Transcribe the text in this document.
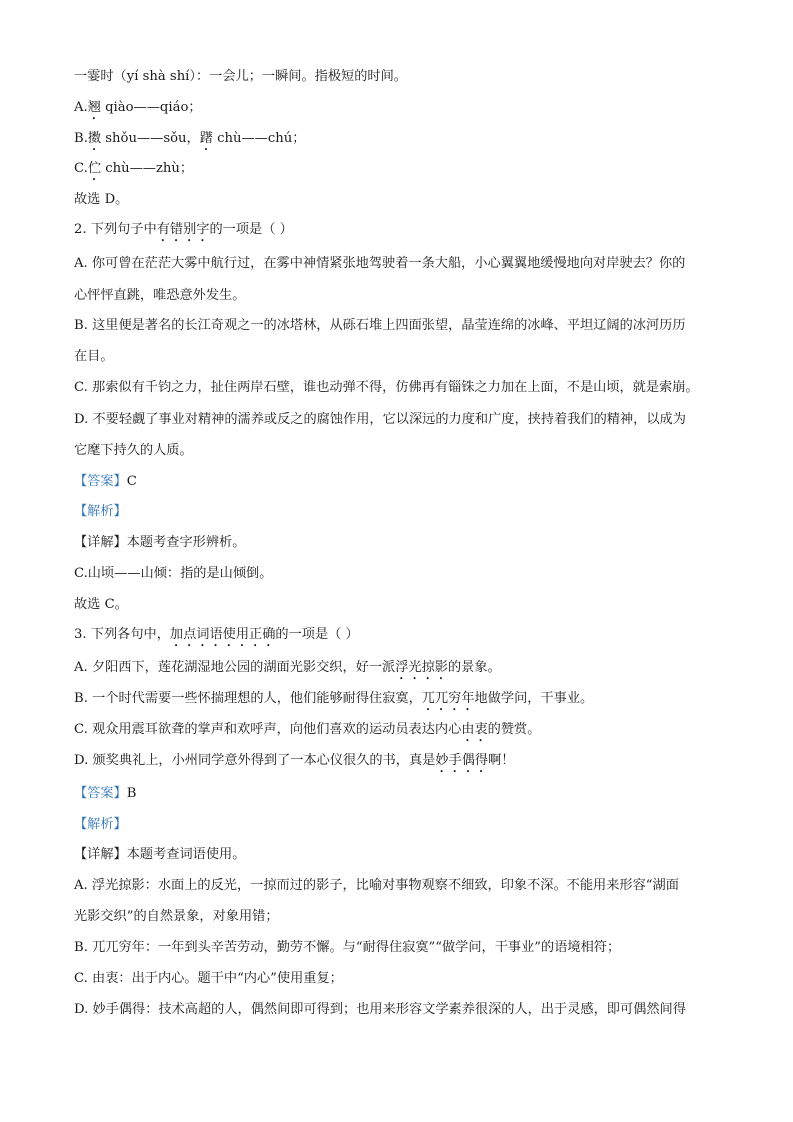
一霎时（yí shà shí）：一会儿；一瞬间。指极短的时间。
A.翘 qiào——qiáo；
B.擞 shǒu——sǒu，躇 chù——chú；
C.伫 chù——zhù；
故选 D。
2. 下列句子中有错别字的一项是（ ）
A. 你可曾在茫茫大雾中航行过，在雾中神情紧张地驾驶着一条大船，小心翼翼地缓慢地向对岸驶去？你的
心怦怦直跳，唯恐意外发生。
B. 这里便是著名的长江奇观之一的冰塔林，从砾石堆上四面张望，晶莹连绵的冰峰、平坦辽阔的冰河历历
在目。
C. 那索似有千钧之力，扯住两岸石壁，谁也动弹不得，仿佛再有锱铢之力加在上面，不是山顷，就是索崩。
D. 不要轻觑了事业对精神的濡养或反之的腐蚀作用，它以深远的力度和广度，挟持着我们的精神，以成为
它麾下持久的人质。
【答案】C
【解析】
【详解】本题考查字形辨析。
C.山顷——山倾：指的是山倾倒。
故选 C。
3. 下列各句中，加点词语使用正确的一项是（ ）
A. 夕阳西下，莲花湖湿地公园的湖面光影交织，好一派浮光掠影的景象。
B. 一个时代需要一些怀揣理想的人，他们能够耐得住寂寞，兀兀穷年地做学问，干事业。
C. 观众用震耳欲聋的掌声和欢呼声，向他们喜欢的运动员表达内心由衷的赞赏。
D. 颁奖典礼上，小州同学意外得到了一本心仪很久的书，真是妙手偶得啊！
【答案】B
【解析】
【详解】本题考查词语使用。
A. 浮光掠影：水面上的反光，一掠而过的影子，比喻对事物观察不细致，印象不深。不能用来形容“湖面
光影交织”的自然景象，对象用错；
B. 兀兀穷年：一年到头辛苦劳动，勤劳不懈。与“耐得住寂寞”“做学问，干事业”的语境相符；
C. 由衷：出于内心。题干中“内心”使用重复；
D. 妙手偶得：技术高超的人，偶然间即可得到；也用来形容文学素养很深的人，出于灵感，即可偶然间得
